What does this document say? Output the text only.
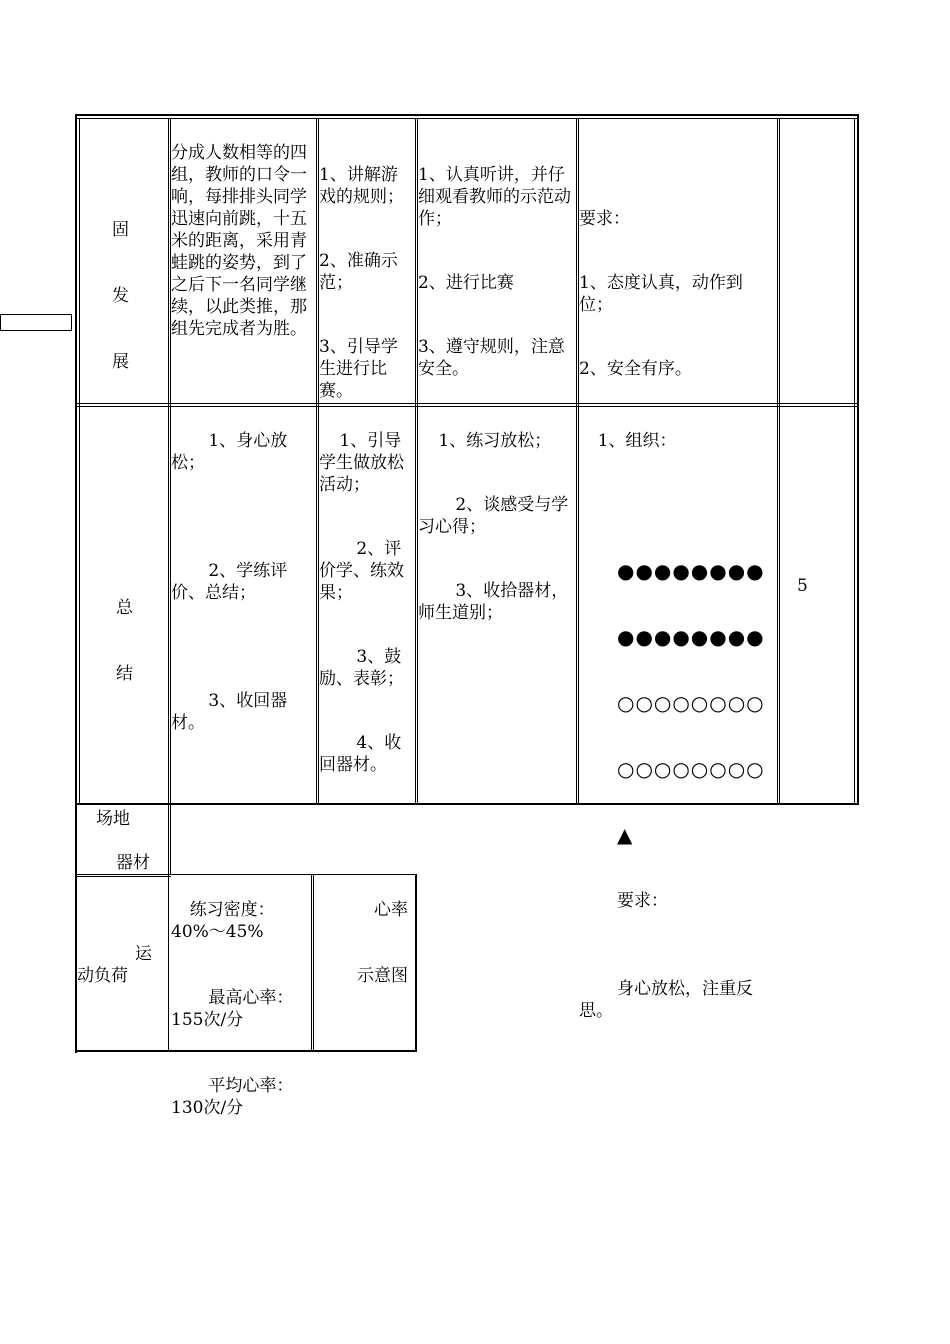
固

发

展

分成人数相等的四组，教师的口令一响，每排排头同学迅速向前跳，十五米的距离，采用青蛙跳的姿势，到了之后下一名同学继续，以此类推，那组先完成者为胜。

1、讲解游戏的规则；

2、准确示范；

3、引导学生进行比赛。

1、认真听讲，并仔细观看教师的示范动作；

2、进行比赛

3、遵守规则，注意安全。

要求：

1、态度认真，动作到位；

2、安全有序。

总

结

1、身心放松；

2、学练评价、总结；

3、收回器材。

1、引导学生做放松活动；

2、评价学、练效果；

3、鼓励、表彰；

4、收回器材。

1、练习放松；

2、谈感受与学习心得；

3、收拾器材，师生道别；

1、组织：

●●●●●●●●

●●●●●●●●

○○○○○○○○

○○○○○○○○

▲

要求：

身心放松，注重反思。

5
场地
器材
运
动负荷

练习密度：40%～45%

最高心率：155次/分

平均心率：130次/分

心率

示意图
